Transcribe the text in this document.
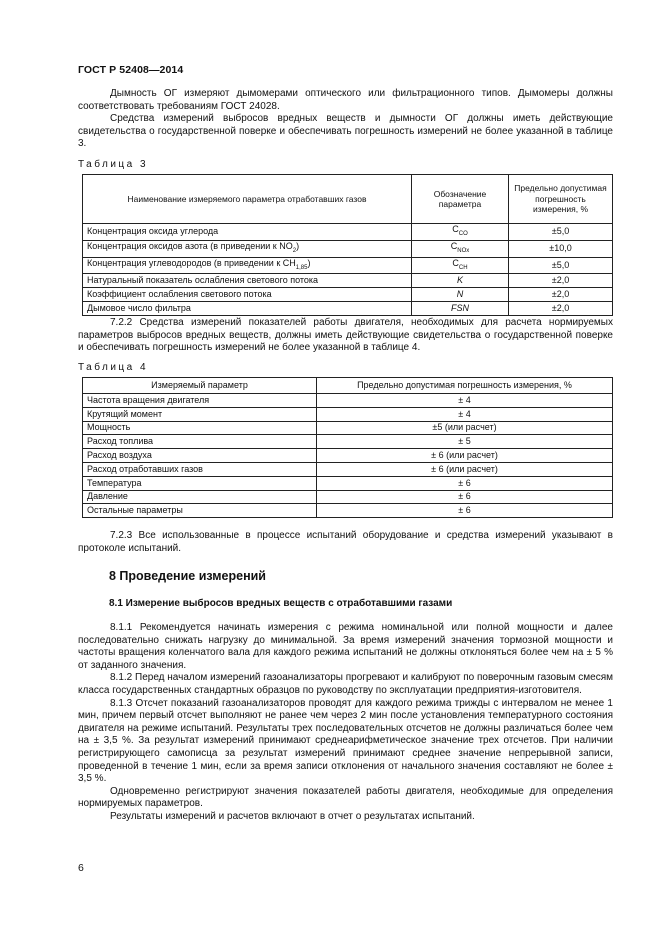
ГОСТ Р 52408—2014

Дымность ОГ измеряют дымомерами оптического или фильтрационного типов. Дымомеры должны соответствовать требованиям ГОСТ 24028.

Средства измерений выбросов вредных веществ и дымности ОГ должны иметь действующие свидетельства о государственной поверке и обеспечивать погрешность измерений не более указанной в таблице 3.

Таблица 3
Наименование измеряемого параметра отработавших газов	Обозначение параметра	Предельно допустимая погрешность измерения, %
Концентрация оксида углерода	$C_{CO}$	±5,0
Концентрация оксидов азота (в приведении к $NO_2$)	$C_{NOx}$	±10,0
Концентрация углеводородов (в приведении к $CH_{1,85}$)	$C_{CH}$	±5,0
Натуральный показатель ослабления светового потока	K	±2,0
Коэффициент ослабления светового потока	N	±2,0
Дымовое число фильтра	FSN	±2,0

7.2.2 Средства измерений показателей работы двигателя, необходимых для расчета нормируемых параметров выбросов вредных веществ, должны иметь действующие свидетельства о государственной поверке и обеспечивать погрешность измерений не более указанной в таблице 4.

Таблица 4
Измеряемый параметр	Предельно допустимая погрешность измерения, %
Частота вращения двигателя	± 4
Крутящий момент	± 4
Мощность	±5 (или расчет)
Расход топлива	± 5
Расход воздуха	± 6 (или расчет)
Расход отработавших газов	± 6 (или расчет)
Температура	± 6
Давление	± 6
Остальные параметры	± 6

7.2.3 Все использованные в процессе испытаний оборудование и средства измерений указывают в протоколе испытаний.

8 Проведение измерений
8.1 Измерение выбросов вредных веществ с отработавшими газами

8.1.1 Рекомендуется начинать измерения с режима номинальной или полной мощности и далее последовательно снижать нагрузку до минимальной. За время измерений значения тормозной мощности и частоты вращения коленчатого вала для каждого режима испытаний не должны отклоняться более чем на ± 5 % от заданного значения.

8.1.2 Перед началом измерений газоанализаторы прогревают и калибруют по поверочным газовым смесям класса государственных стандартных образцов по руководству по эксплуатации предприятия-изготовителя.

8.1.3 Отсчет показаний газоанализаторов проводят для каждого режима трижды с интервалом не менее 1 мин, причем первый отсчет выполняют не ранее чем через 2 мин после установления температурного состояния двигателя на режиме испытаний. Результаты трех последовательных отсчетов не должны различаться более чем на ± 3,5 %. За результат измерений принимают среднеарифметическое значение трех отсчетов. При наличии регистрирующего самописца за результат измерений принимают среднее значение непрерывной записи, проведенной в течение 1 мин, если за время записи отклонения от начального значения составляют не более ± 3,5 %.

Одновременно регистрируют значения показателей работы двигателя, необходимые для определения нормируемых параметров.

Результаты измерений и расчетов включают в отчет о результатах испытаний.

6
